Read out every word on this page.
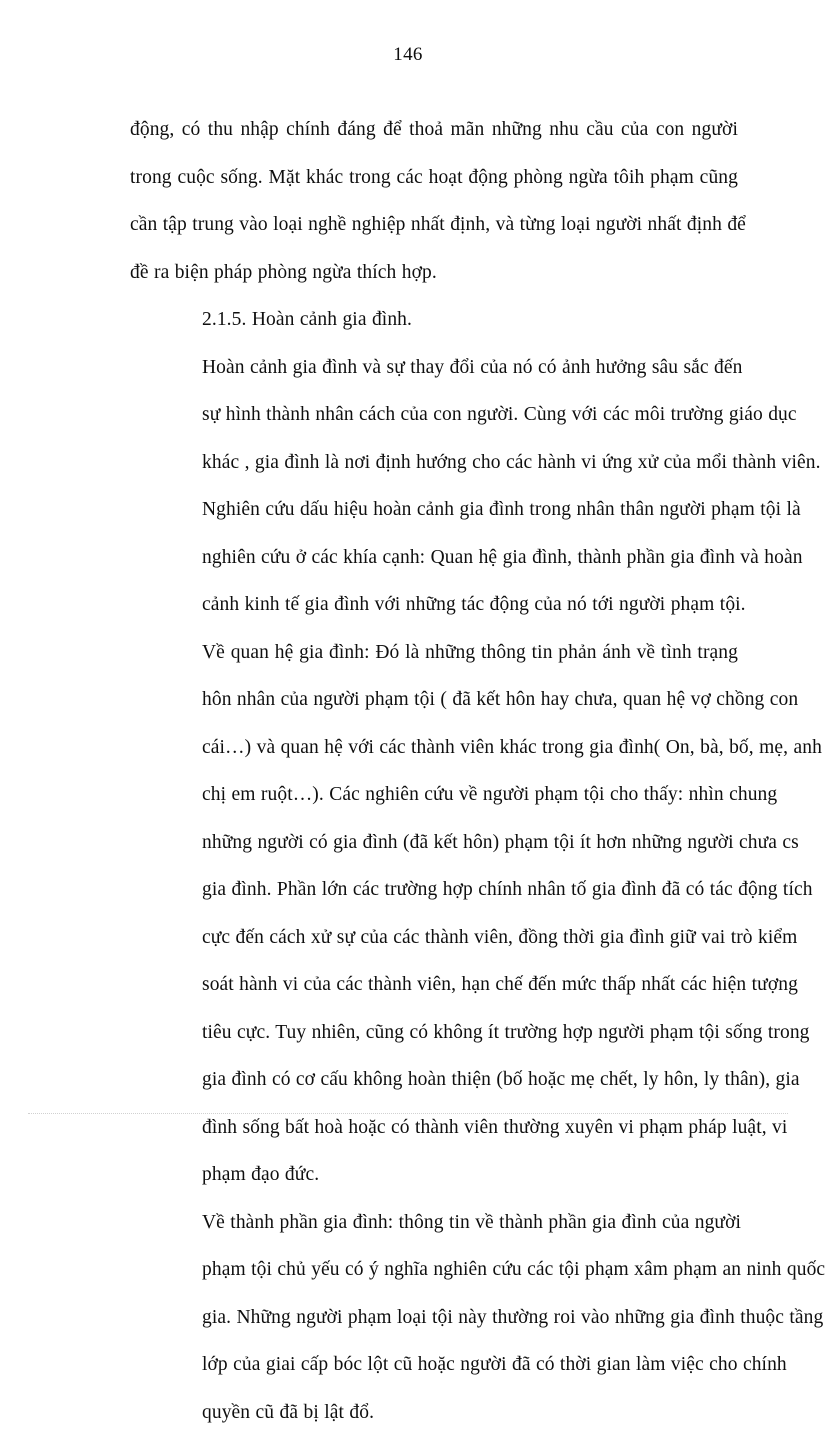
146

động, có thu nhập chính đáng để thoả mãn những nhu cầu của con người
trong cuộc sống. Mặt khác trong các hoạt động phòng ngừa tôih phạm cũng
cần tập trung vào loại nghề nghiệp nhất định, và từng loại người nhất định để
đề ra biện pháp phòng ngừa thích hợp.

2.1.5. Hoàn cảnh gia đình.

Hoàn cảnh gia đình và sự thay đổi của nó có ảnh hưởng sâu sắc đến
sự hình thành nhân cách của con người. Cùng với các môi trường giáo dục
khác , gia đình là nơi định hướng cho các hành vi ứng xử của mổi thành viên.
Nghiên cứu dấu hiệu hoàn cảnh gia đình trong nhân thân người phạm tội là
nghiên cứu ở các khía cạnh: Quan hệ gia đình, thành phần gia đình và hoàn
cảnh kinh tế gia đình với những tác động của nó tới người phạm tội.

Về quan hệ gia đình: Đó là những thông tin phản ánh về tình trạng
hôn nhân của người phạm tội ( đã kết hôn hay chưa, quan hệ vợ chồng con
cái…) và quan hệ với các thành viên khác trong gia đình( On, bà, bố, mẹ, anh
chị em ruột…). Các nghiên cứu về người phạm tội cho thấy: nhìn chung
những người có gia đình (đã kết hôn) phạm tội ít hơn những người chưa cs
gia đình. Phần lớn các trường hợp chính nhân tố gia đình đã có tác động tích
cực đến cách xử sự của các thành viên, đồng thời gia đình giữ vai trò kiểm
soát hành vi của các thành viên, hạn chế đến mức thấp nhất các hiện tượng
tiêu cực. Tuy nhiên, cũng có không ít trường hợp người phạm tội sống trong
gia đình có cơ cấu không hoàn thiện (bố hoặc mẹ chết, ly hôn, ly thân), gia
đình sống bất hoà hoặc có thành viên thường xuyên vi phạm pháp luật, vi
phạm đạo đức.

Về thành phần gia đình: thông tin về thành phần gia đình của người
phạm tội chủ yếu có ý nghĩa nghiên cứu các tội phạm xâm phạm an ninh quốc
gia. Những người phạm loại tội này thường roi vào những gia đình thuộc tầng
lớp của giai cấp bóc lột cũ hoặc người đã có thời gian làm việc cho chính
quyền cũ đã bị lật đổ.
